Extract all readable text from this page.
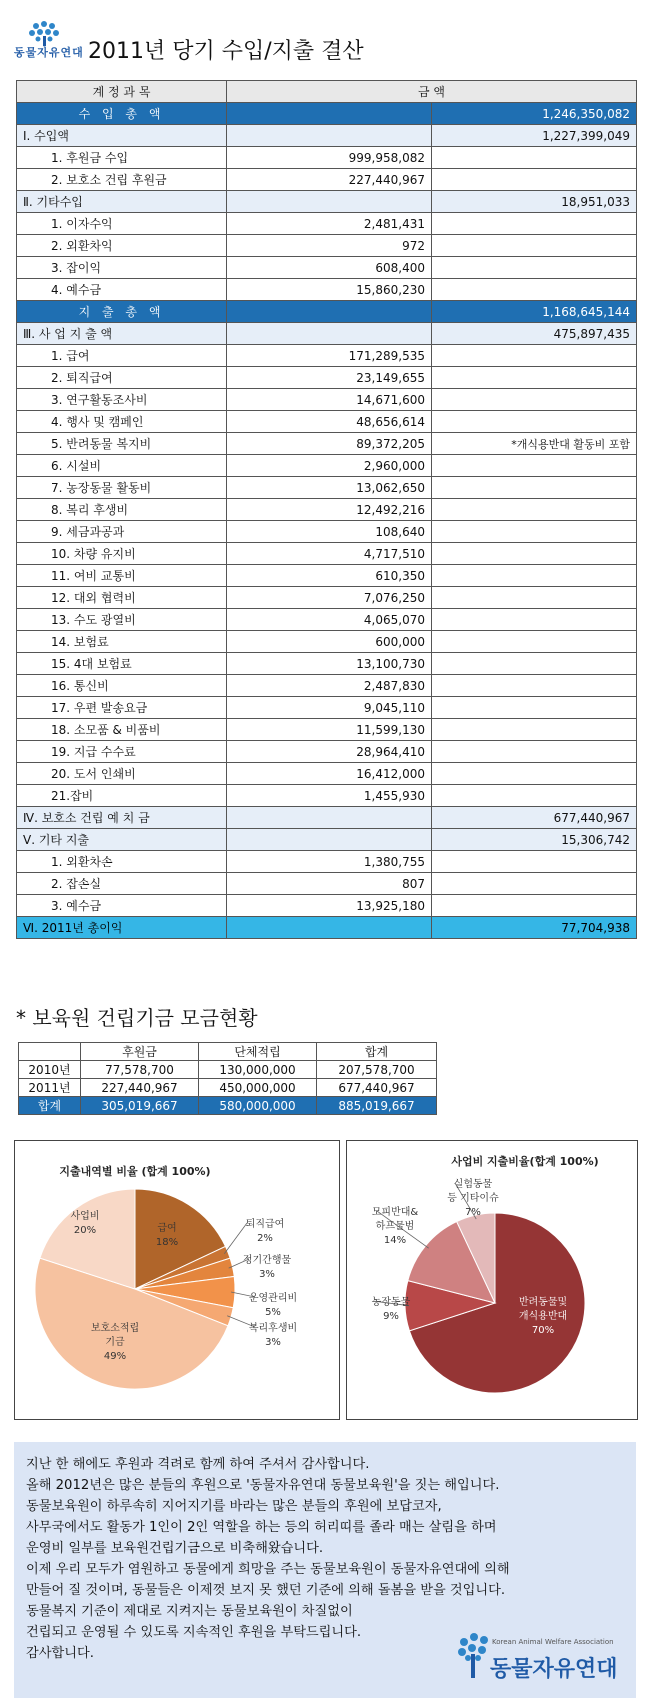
동물자유연대 2011년 당기 수입/지출 결산
계 정 과 목	금 액	
수 입 총 액		1,246,350,082
Ⅰ. 수입액		1,227,399,049
1. 후원금 수입	999,958,082	
2. 보호소 건립 후원금	227,440,967	
Ⅱ. 기타수입		18,951,033
1. 이자수익	2,481,431	
2. 외환차익	972	
3. 잡이익	608,400	
4. 예수금	15,860,230	
지 출 총 액		1,168,645,144
Ⅲ. 사 업 지 출 액		475,897,435
1. 급여	171,289,535	
2. 퇴직급여	23,149,655	
3. 연구활동조사비	14,671,600	
4. 행사 및 캠페인	48,656,614	
5. 반려동물 복지비	89,372,205	*개식용반대 활동비 포함
6. 시설비	2,960,000	
7. 농장동물 활동비	13,062,650	
8. 복리 후생비	12,492,216	
9. 세금과공과	108,640	
10. 차량 유지비	4,717,510	
11. 여비 교통비	610,350	
12. 대외 협력비	7,076,250	
13. 수도 광열비	4,065,070	
14. 보험료	600,000	
15. 4대 보험료	13,100,730	
16. 통신비	2,487,830	
17. 우편 발송요금	9,045,110	
18. 소모품 & 비품비	11,599,130	
19. 지급 수수료	28,964,410	
20. 도서 인쇄비	16,412,000	
21.잡비	1,455,930	
Ⅳ. 보호소 건립 예 치 금		677,440,967
Ⅴ. 기타 지출		15,306,742
1. 외환차손	1,380,755	
2. 잡손실	807	
3. 예수금	13,925,180	
Ⅵ. 2011년 총이익		77,704,938
* 보육원 건립기금 모금현황
	후원금	단체적립	합계
2010년	77,578,700	130,000,000	207,578,700
2011년	227,440,967	450,000,000	677,440,967
합계	305,019,667	580,000,000	885,019,667
지출내역별 비율 (합계 100%)
급여 18%
퇴직급여 2%
정기간행물 3%
운영관리비 5%
복리후생비 3%
보호소적립 기금 49%
사업비 20%
사업비 지출비율(합계 100%)
반려동물및 개식용반대 70%
농장동물 9%
모피반대& 하프물범 14%
실험동물 등 기타이슈 7%
지난 한 해에도 후원과 격려로 함께 하여 주셔서 감사합니다.
올해 2012년은 많은 분들의 후원으로 '동물자유연대 동물보육원'을 짓는 해입니다.
동물보육원이 하루속히 지어지기를 바라는 많은 분들의 후원에 보답코자,
사무국에서도 활동가 1인이 2인 역할을 하는 등의 허리띠를 졸라 매는 살림을 하며
운영비 일부를 보육원건립기금으로 비축해왔습니다.
이제 우리 모두가 염원하고 동물에게 희망을 주는 동물보육원이 동물자유연대에 의해
만들어 질 것이며, 동물들은 이제껏 보지 못 했던 기준에 의해 돌봄을 받을 것입니다.
동물복지 기준이 제대로 지켜지는 동물보육원이 차질없이
건립되고 운영될 수 있도록 지속적인 후원을 부탁드립니다.
감사합니다.
Korean Animal Welfare Association
동물자유연대
